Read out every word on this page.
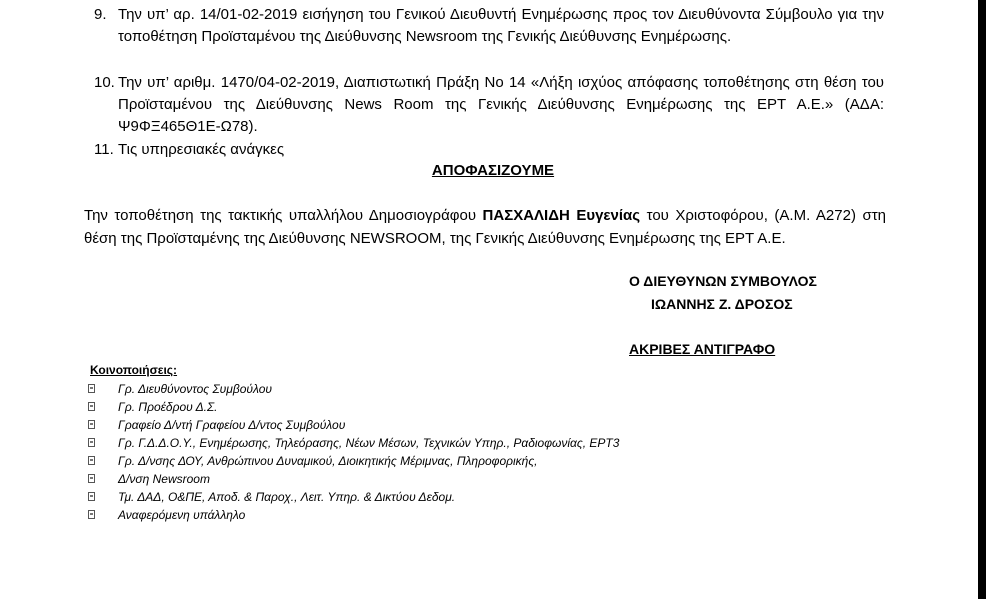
9. Την υπ’ αρ. 14/01-02-2019 εισήγηση του Γενικού Διευθυντή Ενημέρωσης προς τον Διευθύνοντα Σύμβουλο για την τοποθέτηση Προϊσταμένου της Διεύθυνσης Newsroom της Γενικής Διεύθυνσης Ενημέρωσης.
10. Την υπ’ αριθμ. 1470/04-02-2019, Διαπιστωτική Πράξη Νο 14 «Λήξη ισχύος απόφασης τοποθέτησης στη θέση του Προϊσταμένου της Διεύθυνσης News Room της Γενικής Διεύθυνσης Ενημέρωσης της ΕΡΤ Α.Ε.» (ΑΔΑ: Ψ9ΦΞ465Θ1Ε-Ω78).
11. Τις υπηρεσιακές ανάγκες
ΑΠΟΦΑΣΙΖΟΥΜΕ
Την τοποθέτηση της τακτικής υπαλλήλου Δημοσιογράφου ΠΑΣΧΑΛΙΔΗ Ευγενίας του Χριστοφόρου, (Α.Μ. Α272) στη θέση της Προϊσταμένης της Διεύθυνσης NEWSROOM, της Γενικής Διεύθυνσης Ενημέρωσης της ΕΡΤ Α.Ε.
Ο ΔΙΕΥΘΥΝΩΝ ΣΥΜΒΟΥΛΟΣ
ΙΩΑΝΝΗΣ Ζ. ΔΡΟΣΟΣ
ΑΚΡΙΒΕΣ ΑΝΤΙΓΡΑΦΟ
Κοινοποιήσεις:
Γρ. Διευθύνοντος Συμβούλου
Γρ. Προέδρου Δ.Σ.
Γραφείο Δ/ντή Γραφείου Δ/ντος Συμβούλου
Γρ. Γ.Δ.Δ.Ο.Υ., Ενημέρωσης, Τηλεόρασης, Νέων Μέσων, Τεχνικών Υπηρ., Ραδιοφωνίας, ΕΡΤ3
Γρ. Δ/νσης ΔΟΥ, Ανθρώπινου Δυναμικού, Διοικητικής Μέριμνας, Πληροφορικής,
Δ/νση Newsroom
Τμ. ΔΑΔ, Ο&ΠΕ, Αποδ. & Παροχ., Λειτ. Υπηρ. & Δικτύου Δεδομ.
Αναφερόμενη υπάλληλο
